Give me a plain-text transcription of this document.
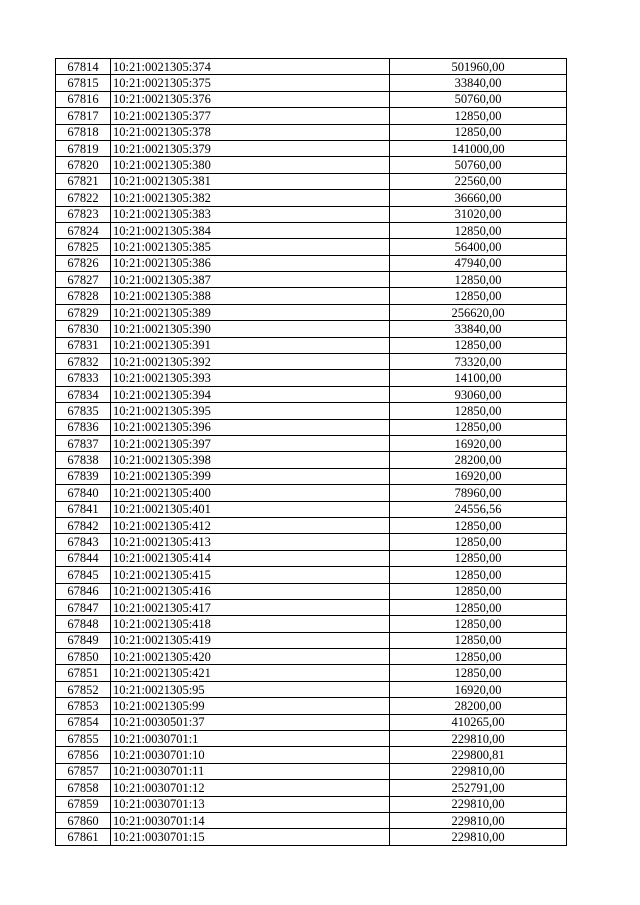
67814	10:21:0021305:374	501960,00
67815	10:21:0021305:375	33840,00
67816	10:21:0021305:376	50760,00
67817	10:21:0021305:377	12850,00
67818	10:21:0021305:378	12850,00
67819	10:21:0021305:379	141000,00
67820	10:21:0021305:380	50760,00
67821	10:21:0021305:381	22560,00
67822	10:21:0021305:382	36660,00
67823	10:21:0021305:383	31020,00
67824	10:21:0021305:384	12850,00
67825	10:21:0021305:385	56400,00
67826	10:21:0021305:386	47940,00
67827	10:21:0021305:387	12850,00
67828	10:21:0021305:388	12850,00
67829	10:21:0021305:389	256620,00
67830	10:21:0021305:390	33840,00
67831	10:21:0021305:391	12850,00
67832	10:21:0021305:392	73320,00
67833	10:21:0021305:393	14100,00
67834	10:21:0021305:394	93060,00
67835	10:21:0021305:395	12850,00
67836	10:21:0021305:396	12850,00
67837	10:21:0021305:397	16920,00
67838	10:21:0021305:398	28200,00
67839	10:21:0021305:399	16920,00
67840	10:21:0021305:400	78960,00
67841	10:21:0021305:401	24556,56
67842	10:21:0021305:412	12850,00
67843	10:21:0021305:413	12850,00
67844	10:21:0021305:414	12850,00
67845	10:21:0021305:415	12850,00
67846	10:21:0021305:416	12850,00
67847	10:21:0021305:417	12850,00
67848	10:21:0021305:418	12850,00
67849	10:21:0021305:419	12850,00
67850	10:21:0021305:420	12850,00
67851	10:21:0021305:421	12850,00
67852	10:21:0021305:95	16920,00
67853	10:21:0021305:99	28200,00
67854	10:21:0030501:37	410265,00
67855	10:21:0030701:1	229810,00
67856	10:21:0030701:10	229800,81
67857	10:21:0030701:11	229810,00
67858	10:21:0030701:12	252791,00
67859	10:21:0030701:13	229810,00
67860	10:21:0030701:14	229810,00
67861	10:21:0030701:15	229810,00
